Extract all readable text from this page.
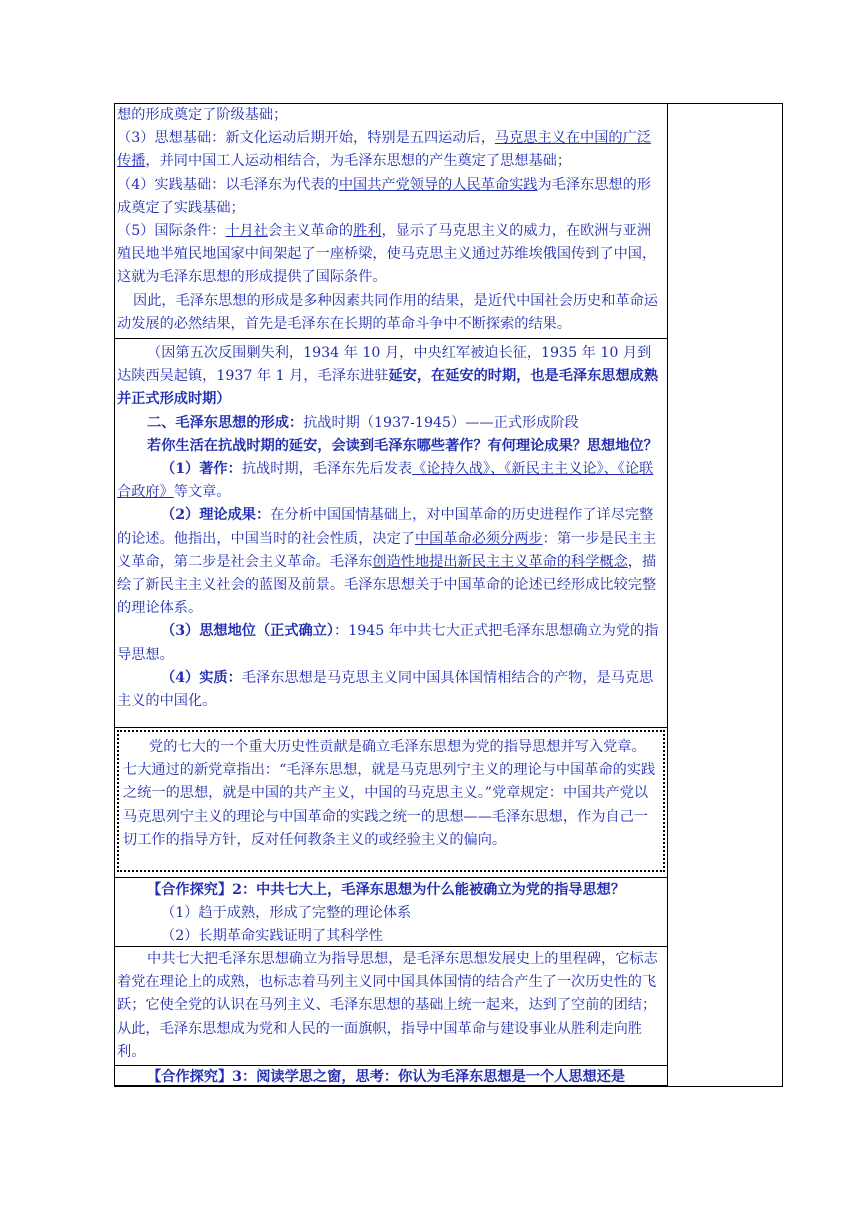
想的形成奠定了阶级基础；

（3）思想基础：新文化运动后期开始，特别是五四运动后，马克思主义在中国的广泛传播，并同中国工人运动相结合，为毛泽东思想的产生奠定了思想基础；

（4）实践基础：以毛泽东为代表的中国共产党领导的人民革命实践为毛泽东思想的形成奠定了实践基础；

（5）国际条件：十月社会主义革命的胜利，显示了马克思主义的威力，在欧洲与亚洲殖民地半殖民地国家中间架起了一座桥梁，使马克思主义通过苏维埃俄国传到了中国，这就为毛泽东思想的形成提供了国际条件。

因此，毛泽东思想的形成是多种因素共同作用的结果，是近代中国社会历史和革命运动发展的必然结果，首先是毛泽东在长期的革命斗争中不断探索的结果。

（因第五次反围剿失利，1934 年 10 月，中央红军被迫长征，1935 年 10 月到达陕西吴起镇，1937 年 1 月，毛泽东进驻延安，在延安的时期，也是毛泽东思想成熟并正式形成时期）

二、毛泽东思想的形成：抗战时期（1937-1945）——正式形成阶段

若你生活在抗战时期的延安，会读到毛泽东哪些著作？有何理论成果？思想地位？

（1）著作：抗战时期，毛泽东先后发表《论持久战》、《新民主主义论》、《论联合政府》等文章。

（2）理论成果：在分析中国国情基础上，对中国革命的历史进程作了详尽完整的论述。他指出，中国当时的社会性质，决定了中国革命必须分两步：第一步是民主主义革命，第二步是社会主义革命。毛泽东创造性地提出新民主主义革命的科学概念，描绘了新民主主义社会的蓝图及前景。毛泽东思想关于中国革命的论述已经形成比较完整的理论体系。

（3）思想地位（正式确立）：1945 年中共七大正式把毛泽东思想确立为党的指导思想。

（4）实质：毛泽东思想是马克思主义同中国具体国情相结合的产物，是马克思主义的中国化。

党的七大的一个重大历史性贡献是确立毛泽东思想为党的指导思想并写入党章。七大通过的新党章指出：“毛泽东思想，就是马克思列宁主义的理论与中国革命的实践之统一的思想，就是中国的共产主义，中国的马克思主义。”党章规定：中国共产党以马克思列宁主义的理论与中国革命的实践之统一的思想——毛泽东思想，作为自己一切工作的指导方针，反对任何教条主义的或经验主义的偏向。

【合作探究】2：中共七大上，毛泽东思想为什么能被确立为党的指导思想？

（1）趋于成熟，形成了完整的理论体系

（2）长期革命实践证明了其科学性

中共七大把毛泽东思想确立为指导思想，是毛泽东思想发展史上的里程碑，它标志着党在理论上的成熟，也标志着马列主义同中国具体国情的结合产生了一次历史性的飞跃；它使全党的认识在马列主义、毛泽东思想的基础上统一起来，达到了空前的团结；从此，毛泽东思想成为党和人民的一面旗帜，指导中国革命与建设事业从胜利走向胜利。

【合作探究】3：阅读学思之窗，思考：你认为毛泽东思想是一个人思想还是
